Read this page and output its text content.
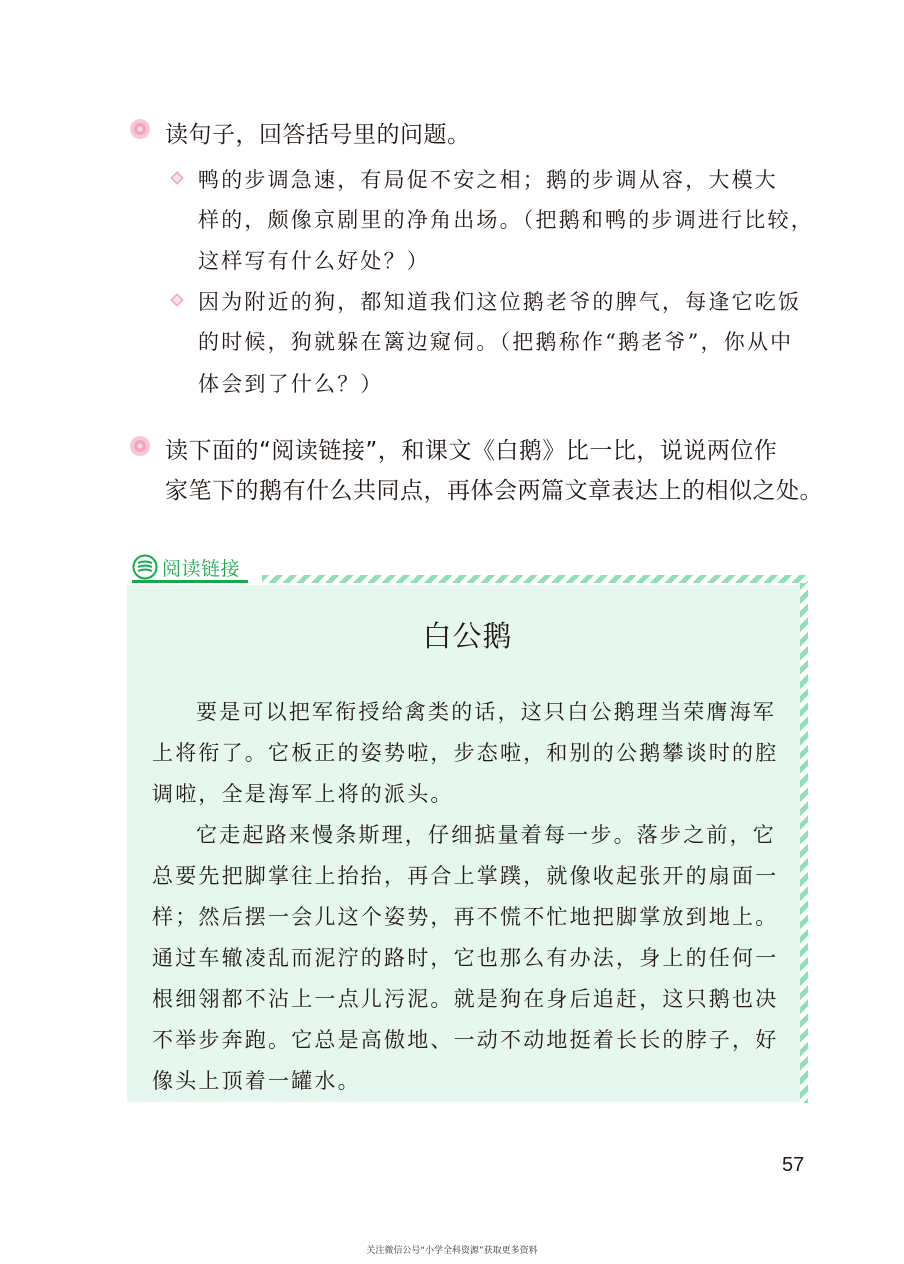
读句子，回答括号里的问题。
鸭的步调急速，有局促不安之相；鹅的步调从容，大模大
样的，颇像京剧里的净角出场。（把鹅和鸭的步调进行比较，
这样写有什么好处？）
因为附近的狗，都知道我们这位鹅老爷的脾气，每逢它吃饭
的时候，狗就躲在篱边窥伺。（把鹅称作“鹅老爷”，你从中
体会到了什么？）
读下面的“阅读链接”，和课文《白鹅》比一比，说说两位作
家笔下的鹅有什么共同点，再体会两篇文章表达上的相似之处。
阅读链接
白公鹅
要是可以把军衔授给禽类的话，这只白公鹅理当荣膺海军
上将衔了。它板正的姿势啦，步态啦，和别的公鹅攀谈时的腔
调啦，全是海军上将的派头。
它走起路来慢条斯理，仔细掂量着每一步。落步之前，它
总要先把脚掌往上抬抬，再合上掌蹼，就像收起张开的扇面一
样；然后摆一会儿这个姿势，再不慌不忙地把脚掌放到地上。
通过车辙凌乱而泥泞的路时，它也那么有办法，身上的任何一
根细翎都不沾上一点儿污泥。就是狗在身后追赶，这只鹅也决
不举步奔跑。它总是高傲地、一动不动地挺着长长的脖子，好
像头上顶着一罐水。
57
关注微信公号“小学全科资源”获取更多资料
